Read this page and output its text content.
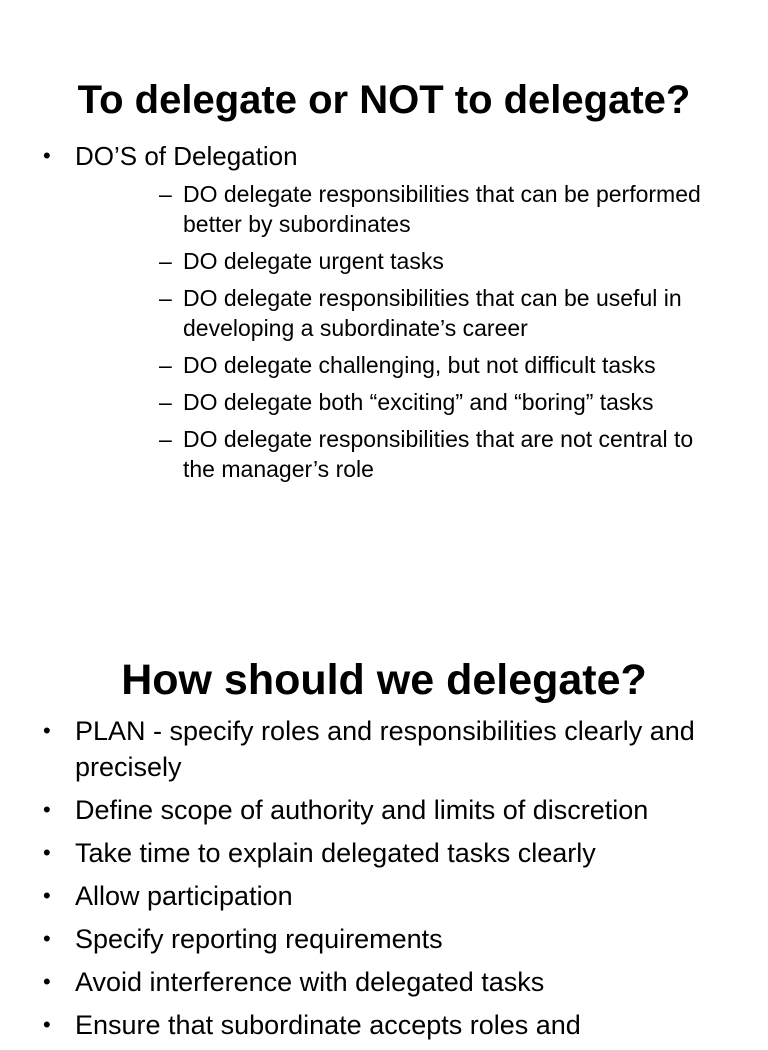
To delegate or NOT to delegate?
• DO’S of Delegation
– DO delegate responsibilities that can be performed better by subordinates
– DO delegate urgent tasks
– DO delegate responsibilities that can be useful in developing a subordinate’s career
– DO delegate challenging, but not difficult tasks
– DO delegate both “exciting” and “boring” tasks
– DO delegate responsibilities that are not central to the manager’s role
How should we delegate?
• PLAN - specify roles and responsibilities clearly and precisely
• Define scope of authority and limits of discretion
• Take time to explain delegated tasks clearly
• Allow participation
• Specify reporting requirements
• Avoid interference with delegated tasks
• Ensure that subordinate accepts roles and
